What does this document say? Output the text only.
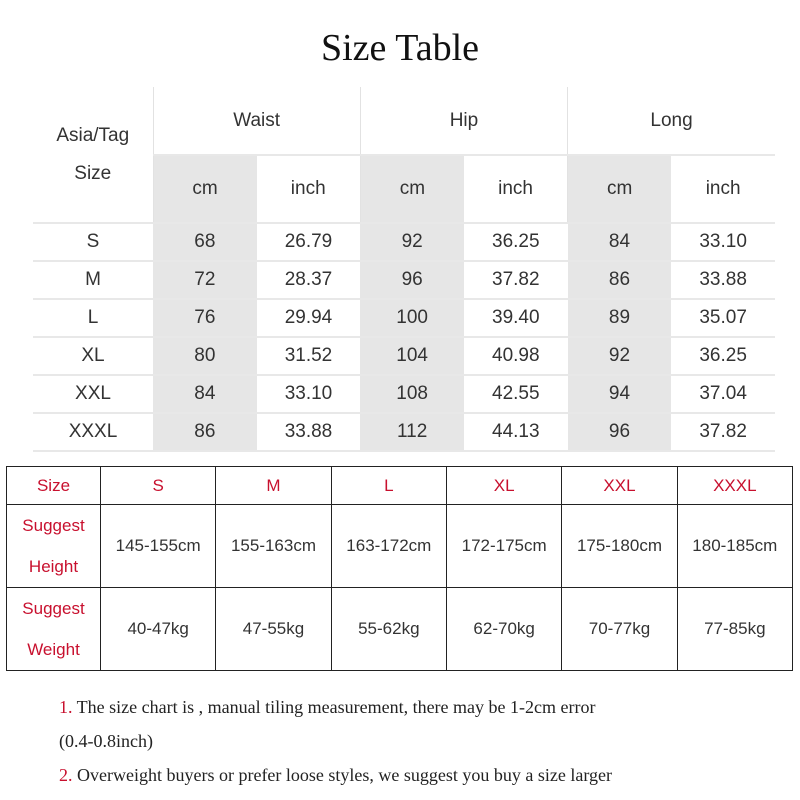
Size Table
Asia/Tag
Size	Waist		Hip		Long	
	cm	inch	cm	inch	cm	inch
S	68	26.79	92	36.25	84	33.10
M	72	28.37	96	37.82	86	33.88
L	76	29.94	100	39.40	89	35.07
XL	80	31.52	104	40.98	92	36.25
XXL	84	33.10	108	42.55	94	37.04
XXXL	86	33.88	112	44.13	96	37.82
Size	S	M	L	XL	XXL	XXXL

Suggest
Height	145-155cm	155-163cm	163-172cm	172-175cm	175-180cm	180-185cm

Suggest
Weight	40-47kg	47-55kg	55-62kg	62-70kg	70-77kg	77-85kg
1. The size chart is , manual tiling measurement, there may be 1-2cm error
(0.4-0.8inch)
2. Overweight buyers or prefer loose styles, we suggest you buy a size larger
